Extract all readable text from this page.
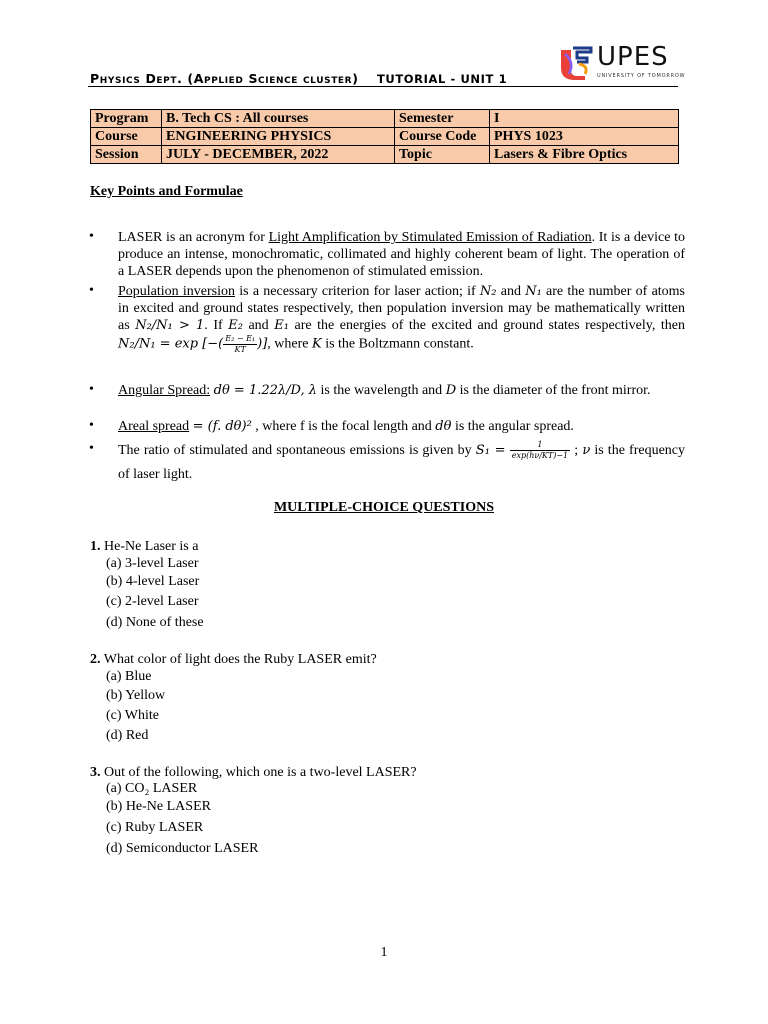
Physics Dept. (Applied Science cluster) TUTORIAL - UNIT 1
UPES
UNIVERSITY OF TOMORROW
Program	B. Tech CS : All courses	Semester	I
Course	ENGINEERING PHYSICS	Course Code	PHYS 1023
Session	JULY - DECEMBER, 2022	Topic	Lasers & Fibre Optics
Key Points and Formulae
• LASER is an acronym for Light Amplification by Stimulated Emission of Radiation. It is a device to produce an intense, monochromatic, collimated and highly coherent beam of light. The operation of a LASER depends upon the phenomenon of stimulated emission.
• Population inversion is a necessary criterion for laser action; if N₂ and N₁ are the number of atoms in excited and ground states respectively, then population inversion may be mathematically written as N₂/N₁ > 1. If E₂ and E₁ are the energies of the excited and ground states respectively, then N₂/N₁ = exp [−( $\frac{\text{E₂ − E₁}}{KT}$ )], where K is the Boltzmann constant.
• Angular Spread: dθ = 1.22λ/D, λ is the wavelength and D is the diameter of the front mirror.
• Areal spread = (f. dθ)² , where f is the focal length and dθ is the angular spread.
• The ratio of stimulated and spontaneous emissions is given by $S_1 = \frac{1}{\exp(h\nu/KT)-1}$ ; ν is the frequency of laser light.
MULTIPLE-CHOICE QUESTIONS
1. He-Ne Laser is a
(a) 3-level Laser
(b) 4-level Laser
(c) 2-level Laser
(d) None of these
2. What color of light does the Ruby LASER emit?
(a) Blue
(b) Yellow
(c) White
(d) Red
3. Out of the following, which one is a two-level LASER?
(a) CO₂ LASER
(b) He-Ne LASER
(c) Ruby LASER
(d) Semiconductor LASER
1
